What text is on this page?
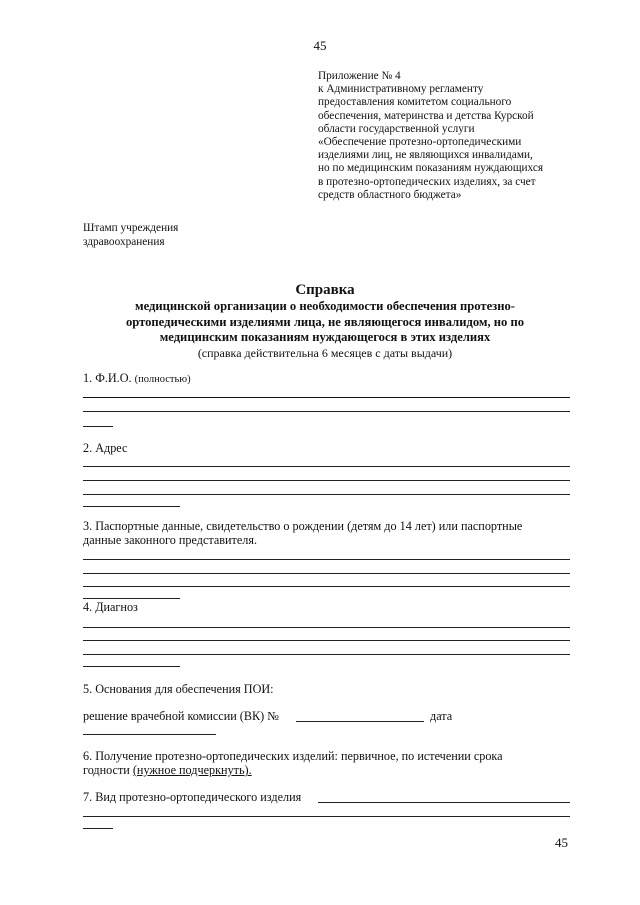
45
Приложение № 4
к Административному регламенту
предоставления комитетом социального
обеспечения, материнства и детства Курской
области государственной услуги
«Обеспечение протезно-ортопедическими
изделиями лиц, не являющихся инвалидами,
но по медицинским показаниям нуждающихся
в протезно-ортопедических изделиях, за счет
средств областного бюджета»
Штамп учреждения
здравоохранения
Справка
медицинской организации о необходимости обеспечения протезно-
ортопедическими изделиями лица, не являющегося инвалидом, но по
медицинским показаниям нуждающегося в этих изделиях
(справка действительна 6 месяцев с даты выдачи)
1. Ф.И.О. (полностью)
2. Адрес
3. Паспортные данные, свидетельство о рождении (детям до 14 лет) или паспортные
данные законного представителя.
4. Диагноз
5. Основания для обеспечения ПОИ:
решение врачебной комиссии (ВК) №	дата
6. Получение протезно-ортопедических изделий: первичное, по истечении срока
годности (нужное подчеркнуть).
7. Вид протезно-ортопедического изделия
45
